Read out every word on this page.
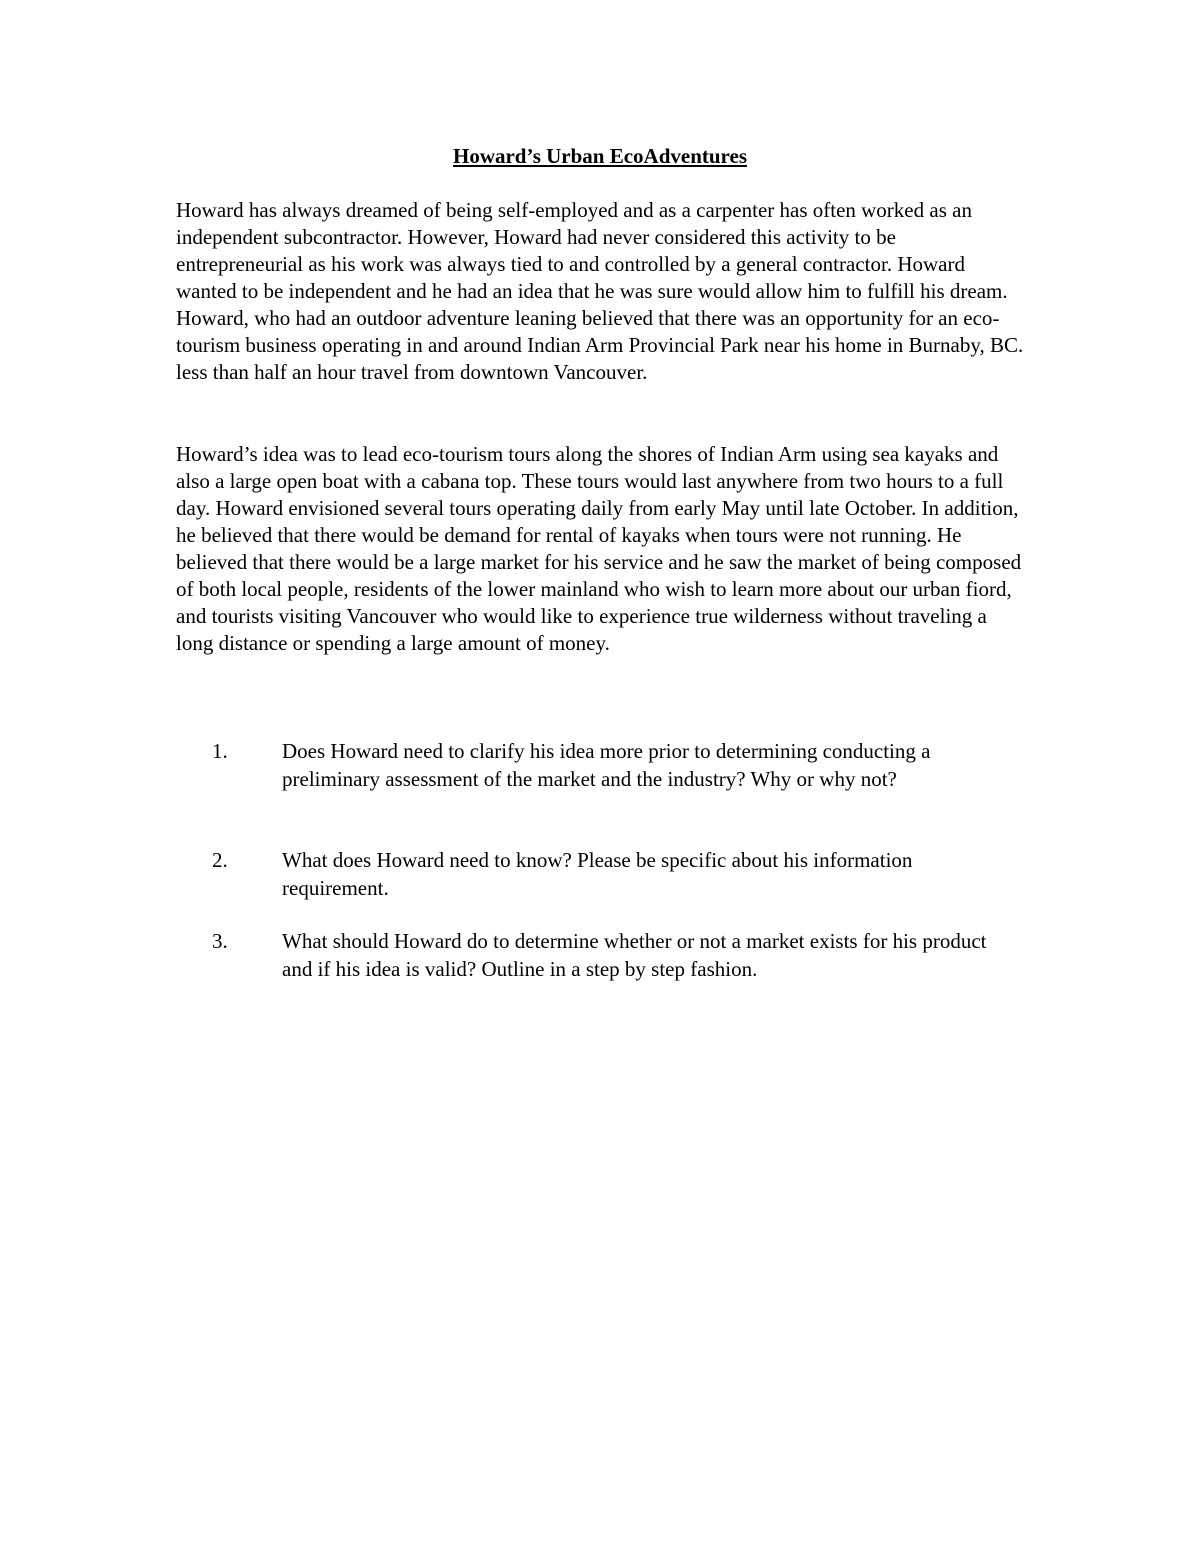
Howard’s Urban EcoAdventures

Howard has always dreamed of being self-employed and as a carpenter has often worked as an independent subcontractor. However, Howard had never considered this activity to be entrepreneurial as his work was always tied to and controlled by a general contractor. Howard wanted to be independent and he had an idea that he was sure would allow him to fulfill his dream. Howard, who had an outdoor adventure leaning believed that there was an opportunity for an eco-tourism business operating in and around Indian Arm Provincial Park near his home in Burnaby, BC. less than half an hour travel from downtown Vancouver.

Howard’s idea was to lead eco-tourism tours along the shores of Indian Arm using sea kayaks and also a large open boat with a cabana top. These tours would last anywhere from two hours to a full day. Howard envisioned several tours operating daily from early May until late October. In addition, he believed that there would be demand for rental of kayaks when tours were not running. He believed that there would be a large market for his service and he saw the market of being composed of both local people, residents of the lower mainland who wish to learn more about our urban fiord, and tourists visiting Vancouver who would like to experience true wilderness without traveling a long distance or spending a large amount of money.

1.	Does Howard need to clarify his idea more prior to determining conducting a preliminary assessment of the market and the industry? Why or why not?
2.	What does Howard need to know? Please be specific about his information requirement.
3.	What should Howard do to determine whether or not a market exists for his product and if his idea is valid? Outline in a step by step fashion.
